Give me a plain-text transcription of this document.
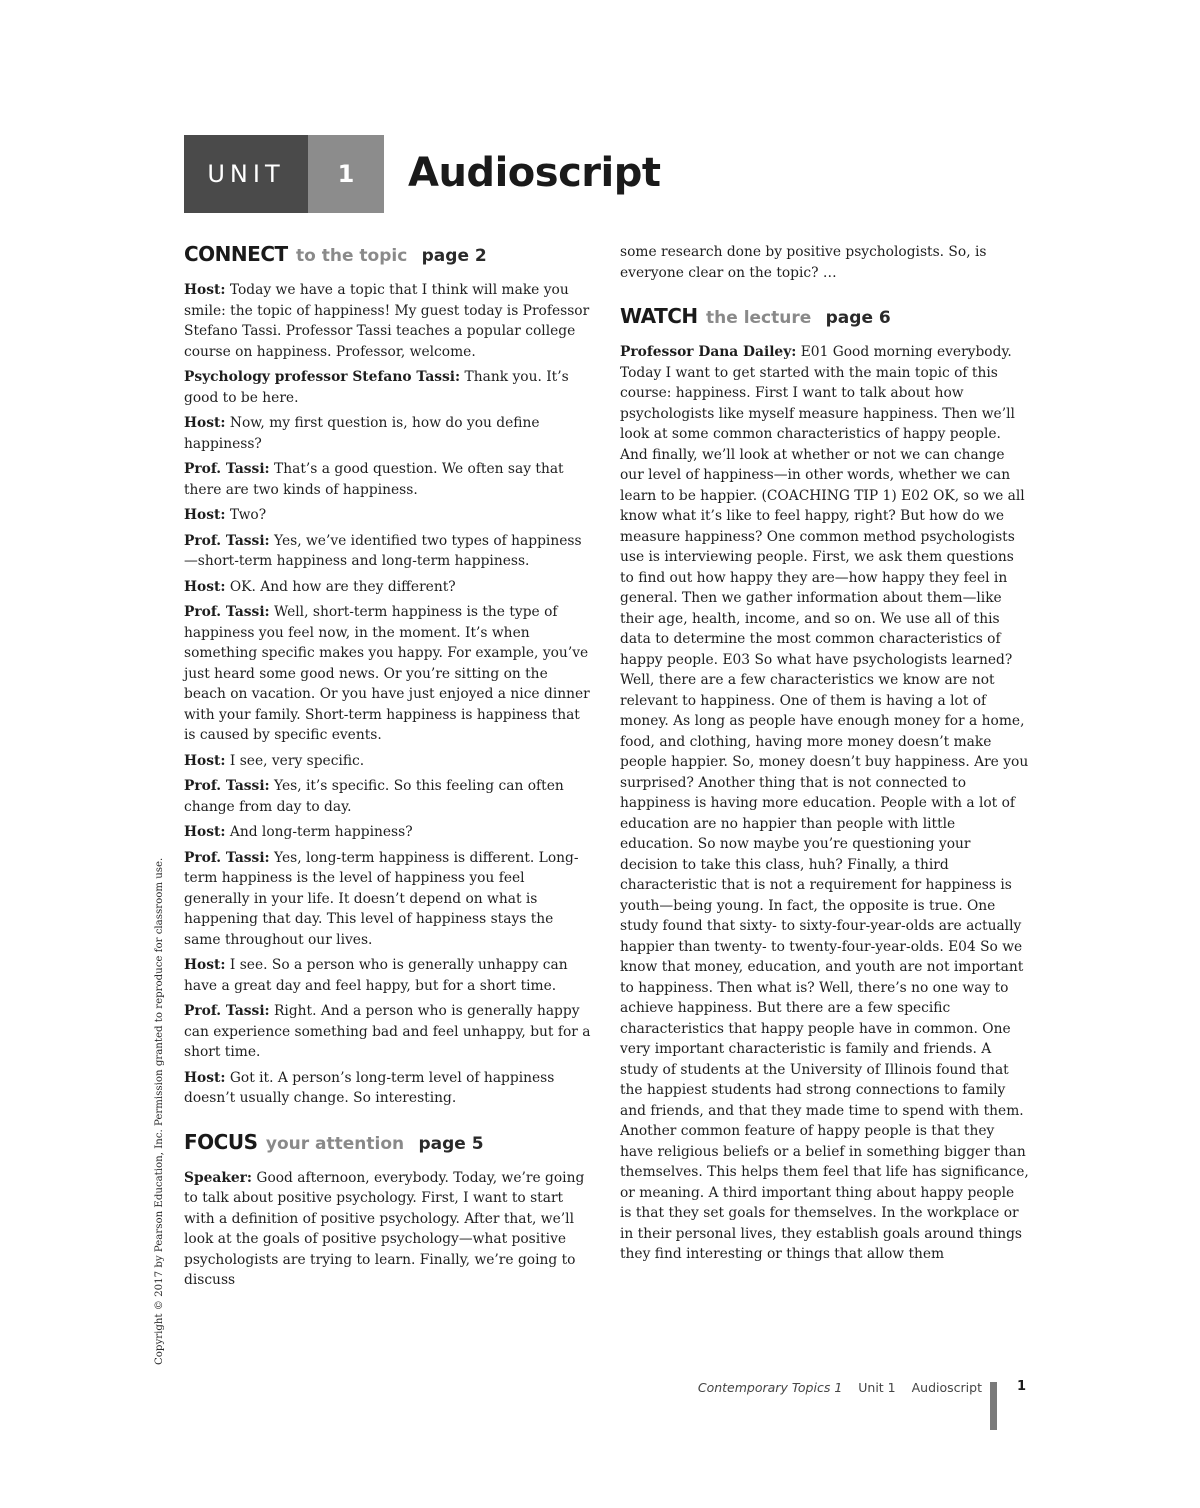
UNIT	1	Audioscript
CONNECT to the topic page 2

Host: Today we have a topic that I think will make you smile: the topic of happiness! My guest today is Professor Stefano Tassi. Professor Tassi teaches a popular college course on happiness. Professor, welcome.

Psychology professor Stefano Tassi: Thank you. It’s good to be here.

Host: Now, my first question is, how do you define happiness?

Prof. Tassi: That’s a good question. We often say that there are two kinds of happiness.

Host: Two?

Prof. Tassi: Yes, we’ve identified two types of happiness—short-term happiness and long-term happiness.

Host: OK. And how are they different?

Prof. Tassi: Well, short-term happiness is the type of happiness you feel now, in the moment. It’s when something specific makes you happy. For example, you’ve just heard some good news. Or you’re sitting on the beach on vacation. Or you have just enjoyed a nice dinner with your family. Short-term happiness is happiness that is caused by specific events.

Host: I see, very specific.

Prof. Tassi: Yes, it’s specific. So this feeling can often change from day to day.

Host: And long-term happiness?

Prof. Tassi: Yes, long-term happiness is different. Long-term happiness is the level of happiness you feel generally in your life. It doesn’t depend on what is happening that day. This level of happiness stays the same throughout our lives.

Host: I see. So a person who is generally unhappy can have a great day and feel happy, but for a short time.

Prof. Tassi: Right. And a person who is generally happy can experience something bad and feel unhappy, but for a short time.

Host: Got it. A person’s long-term level of happiness doesn’t usually change. So interesting.

FOCUS your attention page 5

Speaker: Good afternoon, everybody. Today, we’re going to talk about positive psychology. First, I want to start with a definition of positive psychology. After that, we’ll look at the goals of positive psychology—what positive psychologists are trying to learn. Finally, we’re going to discuss

some research done by positive psychologists. So, is everyone clear on the topic? …

WATCH the lecture page 6

Professor Dana Dailey: E01 Good morning everybody. Today I want to get started with the main topic of this course: happiness. First I want to talk about how psychologists like myself measure happiness. Then we’ll look at some common characteristics of happy people. And finally, we’ll look at whether or not we can change our level of happiness—in other words, whether we can learn to be happier. (COACHING TIP 1) E02 OK, so we all know what it’s like to feel happy, right? But how do we measure happiness? One common method psychologists use is interviewing people. First, we ask them questions to find out how happy they are—how happy they feel in general. Then we gather information about them—like their age, health, income, and so on. We use all of this data to determine the most common characteristics of happy people. E03 So what have psychologists learned? Well, there are a few characteristics we know are not relevant to happiness. One of them is having a lot of money. As long as people have enough money for a home, food, and clothing, having more money doesn’t make people happier. So, money doesn’t buy happiness. Are you surprised? Another thing that is not connected to happiness is having more education. People with a lot of education are no happier than people with little education. So now maybe you’re questioning your decision to take this class, huh? Finally, a third characteristic that is not a requirement for happiness is youth—being young. In fact, the opposite is true. One study found that sixty- to sixty-four-year-olds are actually happier than twenty- to twenty-four-year-olds. E04 So we know that money, education, and youth are not important to happiness. Then what is? Well, there’s no one way to achieve happiness. But there are a few specific characteristics that happy people have in common. One very important characteristic is family and friends. A study of students at the University of Illinois found that the happiest students had strong connections to family and friends, and that they made time to spend with them. Another common feature of happy people is that they have religious beliefs or a belief in something bigger than themselves. This helps them feel that life has significance, or meaning. A third important thing about happy people is that they set goals for themselves. In the workplace or in their personal lives, they establish goals around things they find interesting or things that allow them

Copyright © 2017 by Pearson Education, Inc. Permission granted to reproduce for classroom use.
Contemporary Topics 1 Unit 1 Audioscript	1
